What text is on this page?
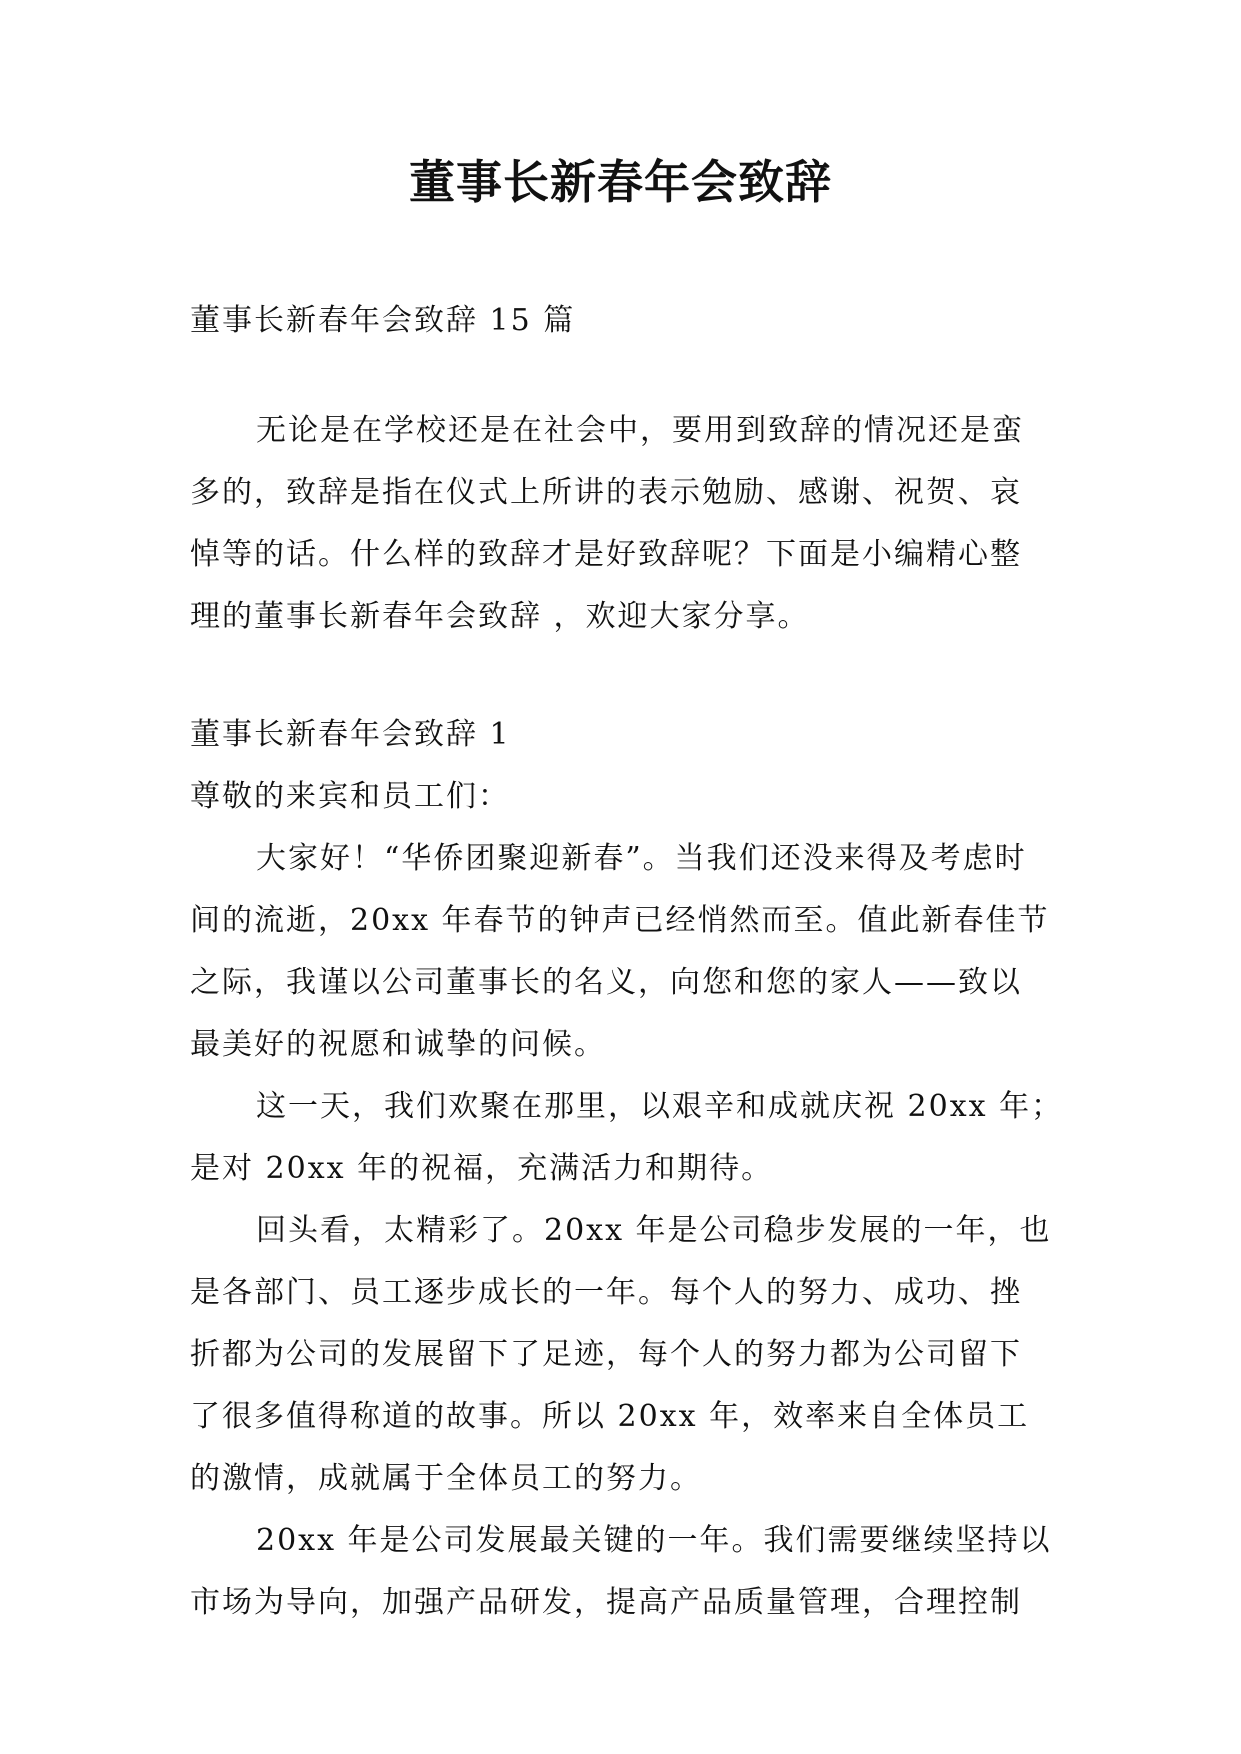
董事长新春年会致辞

董事长新春年会致辞 15 篇

无论是在学校还是在社会中，要用到致辞的情况还是蛮

多的，致辞是指在仪式上所讲的表示勉励、感谢、祝贺、哀

悼等的话。什么样的致辞才是好致辞呢？下面是小编精心整

理的董事长新春年会致辞 ，欢迎大家分享。

董事长新春年会致辞 1

尊敬的来宾和员工们：

大家好！“华侨团聚迎新春”。当我们还没来得及考虑时

间的流逝，20xx 年春节的钟声已经悄然而至。值此新春佳节

之际，我谨以公司董事长的名义，向您和您的家人——致以

最美好的祝愿和诚挚的问候。

这一天，我们欢聚在那里，以艰辛和成就庆祝 20xx 年；

是对 20xx 年的祝福，充满活力和期待。

回头看，太精彩了。20xx 年是公司稳步发展的一年，也

是各部门、员工逐步成长的一年。每个人的努力、成功、挫

折都为公司的发展留下了足迹，每个人的努力都为公司留下

了很多值得称道的故事。所以 20xx 年，效率来自全体员工

的激情，成就属于全体员工的努力。

20xx 年是公司发展最关键的一年。我们需要继续坚持以

市场为导向，加强产品研发，提高产品质量管理，合理控制
